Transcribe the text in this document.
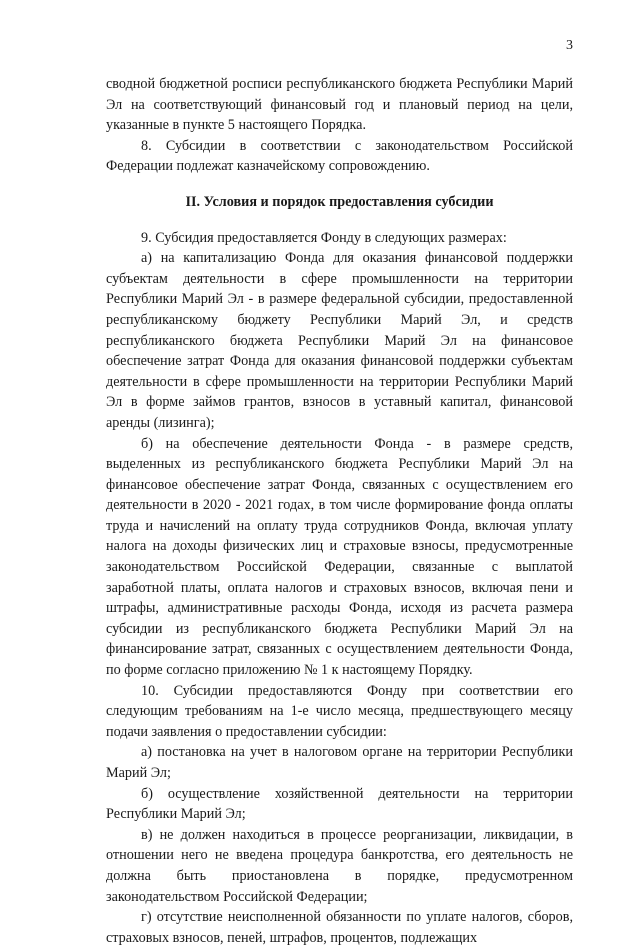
3

сводной бюджетной росписи республиканского бюджета Республики Марий Эл на соответствующий финансовый год и плановый период на цели, указанные в пункте 5 настоящего Порядка.

8. Субсидии в соответствии с законодательством Российской Федерации подлежат казначейскому сопровождению.

II. Условия и порядок предоставления субсидии

9. Субсидия предоставляется Фонду в следующих размерах:

а) на капитализацию Фонда для оказания финансовой поддержки субъектам деятельности в сфере промышленности на территории Республики Марий Эл - в размере федеральной субсидии, предоставленной республиканскому бюджету Республики Марий Эл, и средств республиканского бюджета Республики Марий Эл на финансовое обеспечение затрат Фонда для оказания финансовой поддержки субъектам деятельности в сфере промышленности на территории Республики Марий Эл в форме займов грантов, взносов в уставный капитал, финансовой аренды (лизинга);

б) на обеспечение деятельности Фонда - в размере средств, выделенных из республиканского бюджета Республики Марий Эл на финансовое обеспечение затрат Фонда, связанных с осуществлением его деятельности в 2020 - 2021 годах, в том числе формирование фонда оплаты труда и начислений на оплату труда сотрудников Фонда, включая уплату налога на доходы физических лиц и страховые взносы, предусмотренные законодательством Российской Федерации, связанные с выплатой заработной платы, оплата налогов и страховых взносов, включая пени и штрафы, административные расходы Фонда, исходя из расчета размера субсидии из республиканского бюджета Республики Марий Эл на финансирование затрат, связанных с осуществлением деятельности Фонда, по форме согласно приложению № 1 к настоящему Порядку.

10. Субсидии предоставляются Фонду при соответствии его следующим требованиям на 1-е число месяца, предшествующего месяцу подачи заявления о предоставлении субсидии:

а) постановка на учет в налоговом органе на территории Республики Марий Эл;

б) осуществление хозяйственной деятельности на территории Республики Марий Эл;

в) не должен находиться в процессе реорганизации, ликвидации, в отношении него не введена процедура банкротства, его деятельность не должна быть приостановлена в порядке, предусмотренном законодательством Российской Федерации;

г) отсутствие неисполненной обязанности по уплате налогов, сборов, страховых взносов, пеней, штрафов, процентов, подлежащих
